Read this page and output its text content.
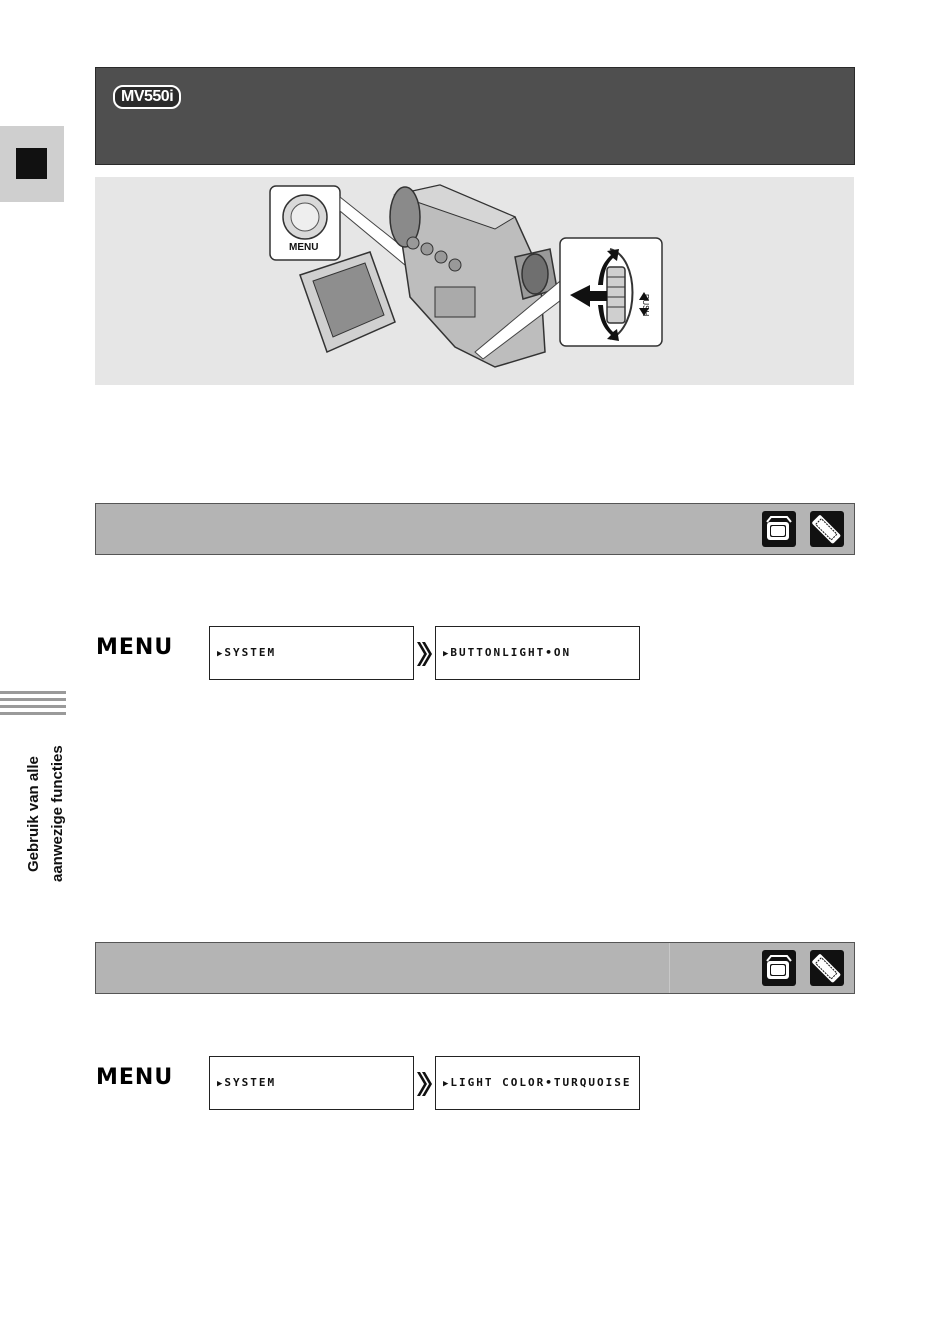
Gebruik van alle aanwezige functies
MV550i
MENU
PUSH
MENU	▶ SYSTEM	▶ BUTTONLIGHT•ON
MENU	▶ SYSTEM	▶ LIGHT COLOR•TURQUOISE
